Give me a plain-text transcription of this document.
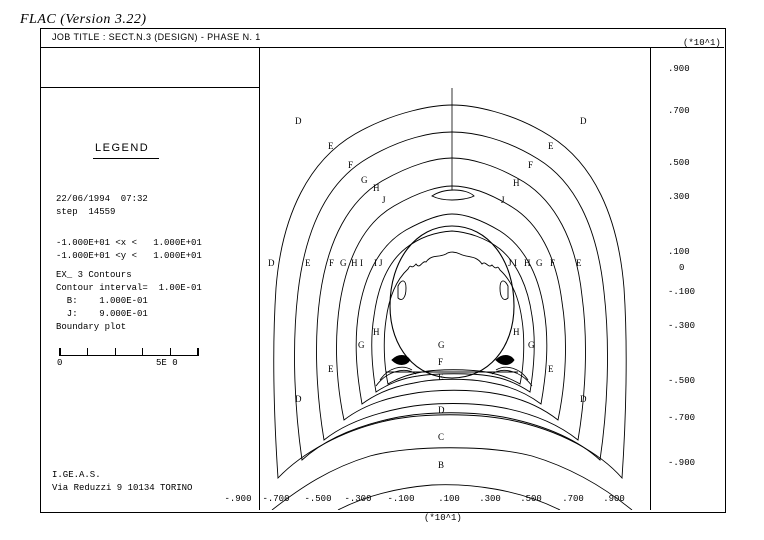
JOB TITLE : SECT.N.3 (DESIGN) - PHASE N. 1
FLAC (Version 3.22)
LEGEND
22/06/1994  07:32
step  14559
-1.000E+01 <x <   1.000E+01
-1.000E+01 <y <   1.000E+01
EX_ 3 Contours
Contour interval=  1.00E-01
B:    1.000E-01
J:    9.000E-01
Boundary plot
0	5E 0
I.GE.A.S.
Via Reduzzi 9 10134 TORINO
(*10^1)
(*10^1)
.900
.700
.500
.300
.100
0
-.100
-.300
-.500
-.700
-.900
-.900	-.700	-.500	-.300	-.100	.100	.300	.500	.700	.900
D	D
E	E
F	F
G
H	H
J	J
D	E F G H I I J	J I H G F E
H	H
G	G
G
E	E
F
E
D	D
D
C
B
